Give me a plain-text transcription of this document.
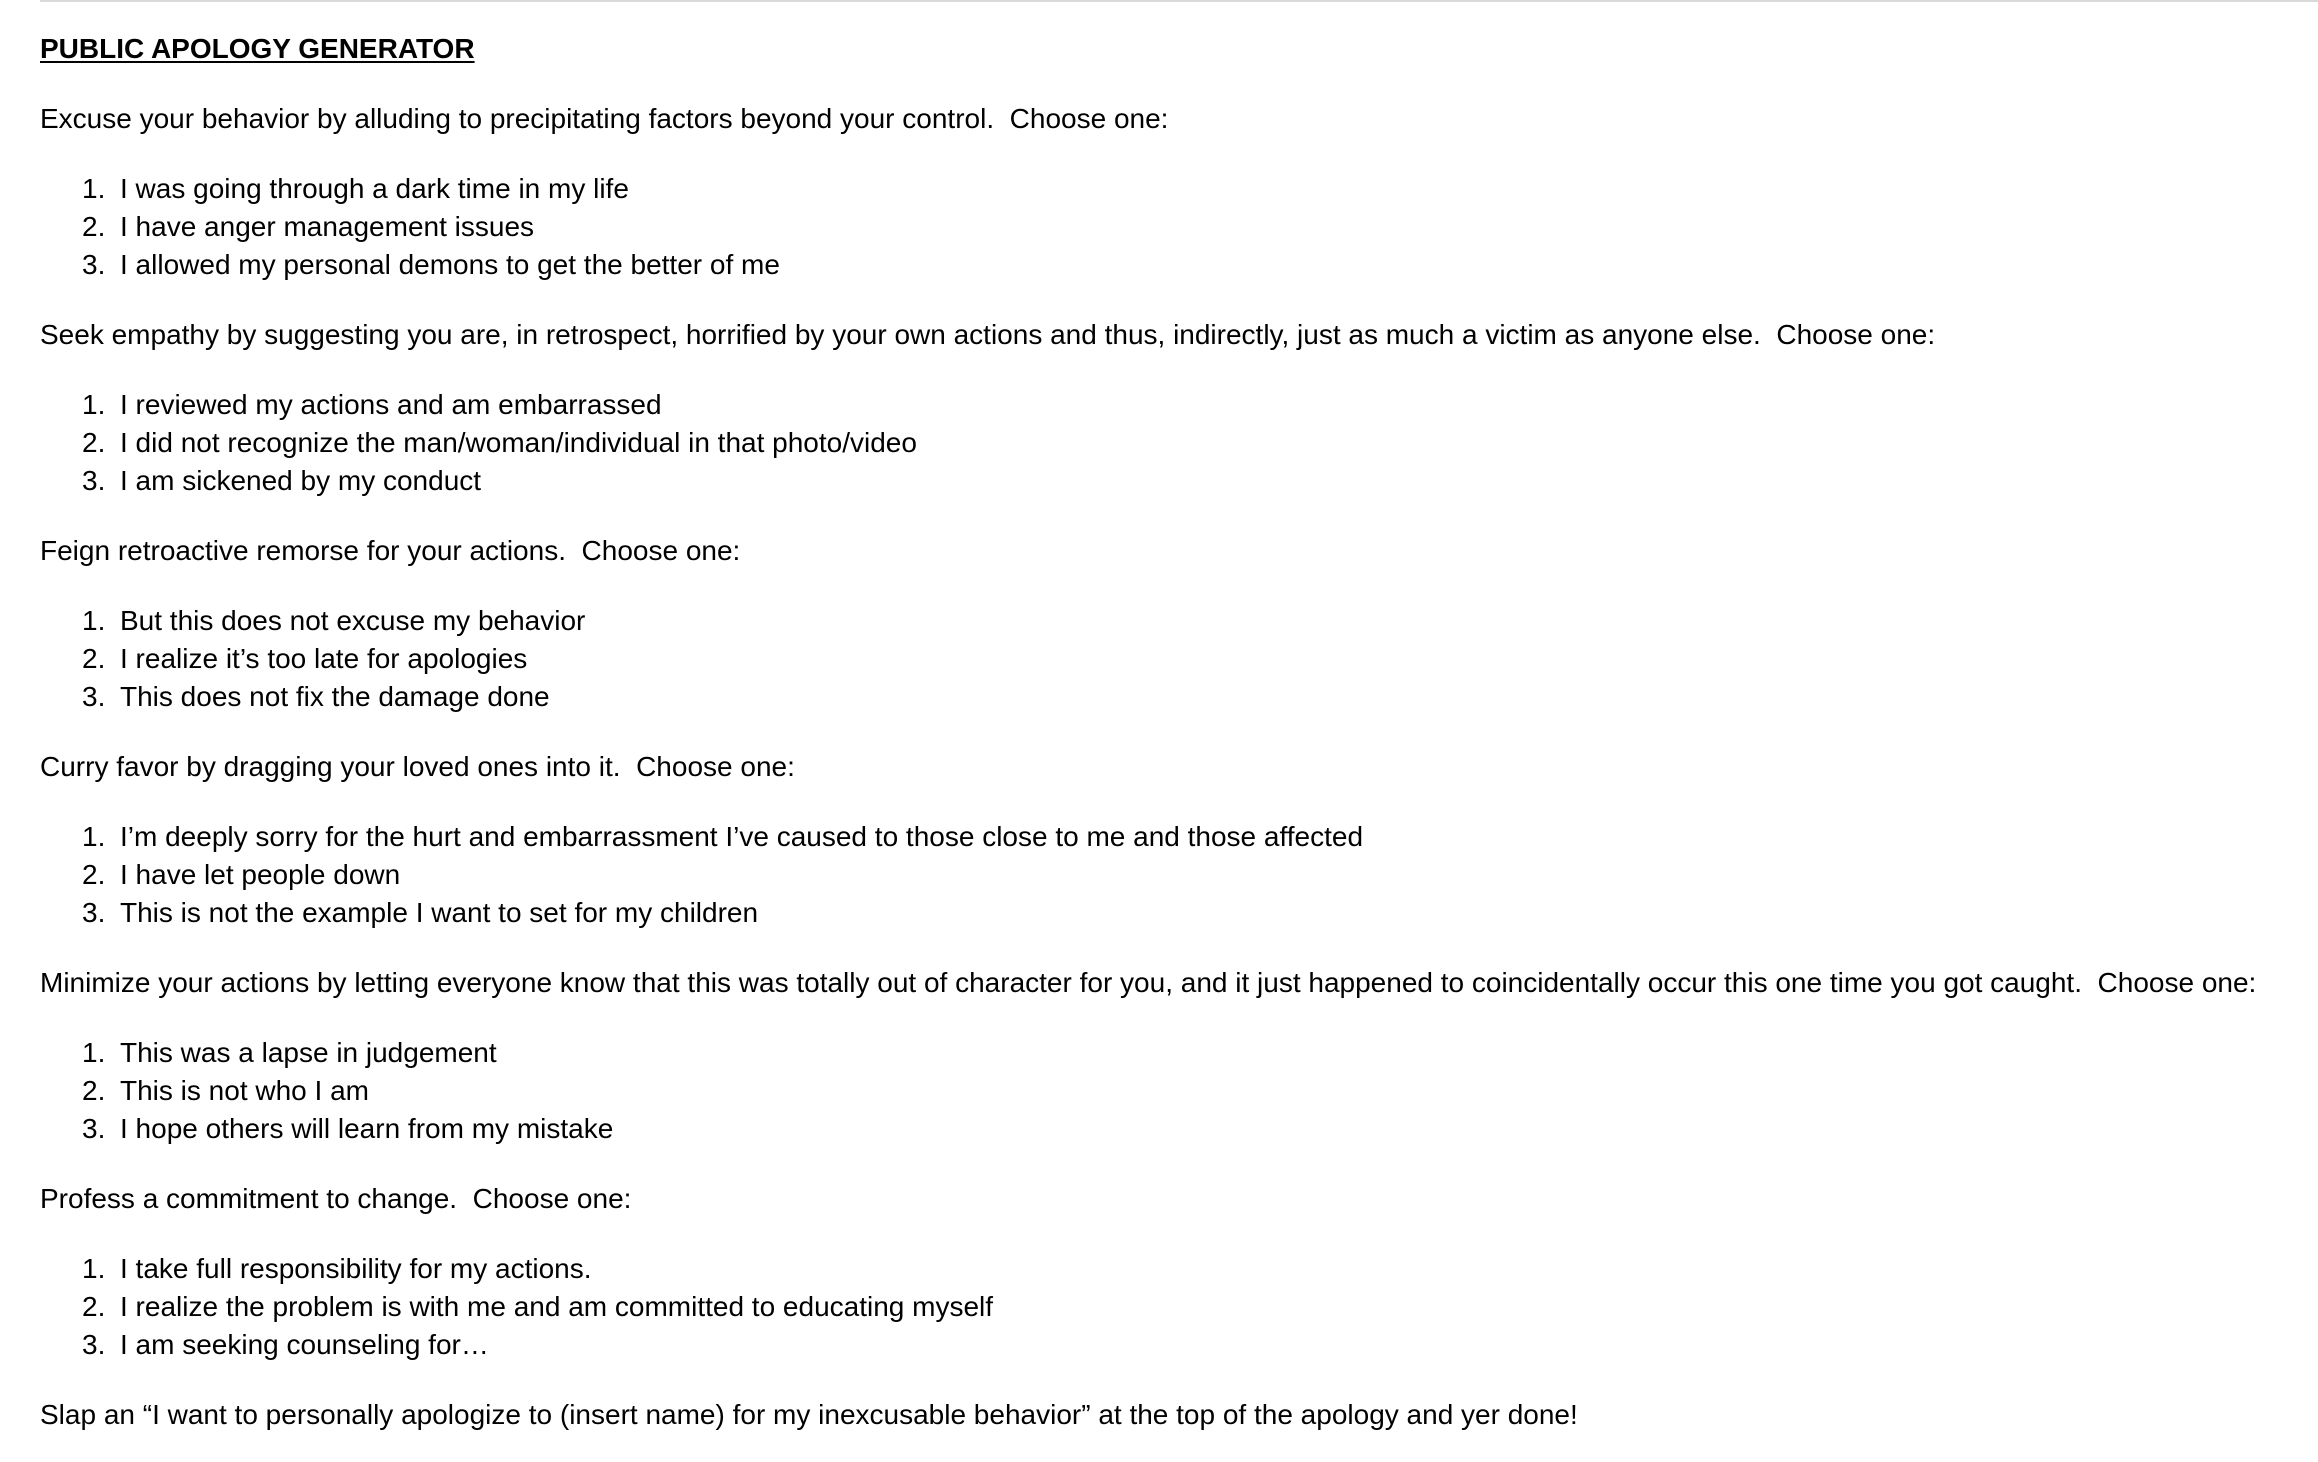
PUBLIC APOLOGY GENERATOR

Excuse your behavior by alluding to precipitating factors beyond your control.  Choose one:

1. I was going through a dark time in my life
2. I have anger management issues
3. I allowed my personal demons to get the better of me

Seek empathy by suggesting you are, in retrospect, horrified by your own actions and thus, indirectly, just as much a victim as anyone else.  Choose one:

1. I reviewed my actions and am embarrassed
2. I did not recognize the man/woman/individual in that photo/video
3. I am sickened by my conduct

Feign retroactive remorse for your actions.  Choose one:

1. But this does not excuse my behavior
2. I realize it’s too late for apologies
3. This does not fix the damage done

Curry favor by dragging your loved ones into it.  Choose one:

1. I’m deeply sorry for the hurt and embarrassment I’ve caused to those close to me and those affected
2. I have let people down
3. This is not the example I want to set for my children

Minimize your actions by letting everyone know that this was totally out of character for you, and it just happened to coincidentally occur this one time you got caught.  Choose one:

1. This was a lapse in judgement
2. This is not who I am
3. I hope others will learn from my mistake

Profess a commitment to change.  Choose one:

1. I take full responsibility for my actions.
2. I realize the problem is with me and am committed to educating myself
3. I am seeking counseling for…

Slap an “I want to personally apologize to (insert name) for my inexcusable behavior” at the top of the apology and yer done!
